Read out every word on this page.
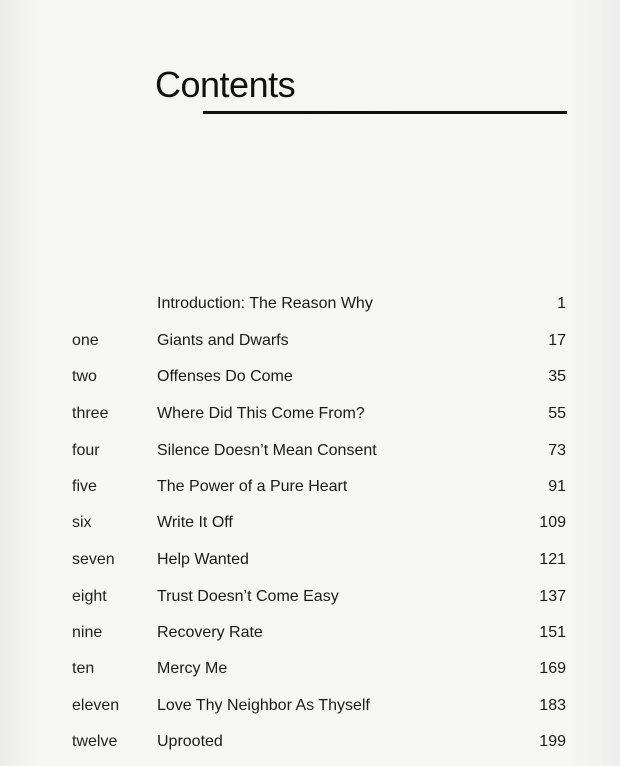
Contents
Introduction: The Reason Why	1
one	Giants and Dwarfs	17
two	Offenses Do Come	35
three	Where Did This Come From?	55
four	Silence Doesn’t Mean Consent	73
five	The Power of a Pure Heart	91
six	Write It Off	109
seven	Help Wanted	121
eight	Trust Doesn’t Come Easy	137
nine	Recovery Rate	151
ten	Mercy Me	169
eleven Love Thy Neighbor As Thyself	183
twelve Uprooted	199
